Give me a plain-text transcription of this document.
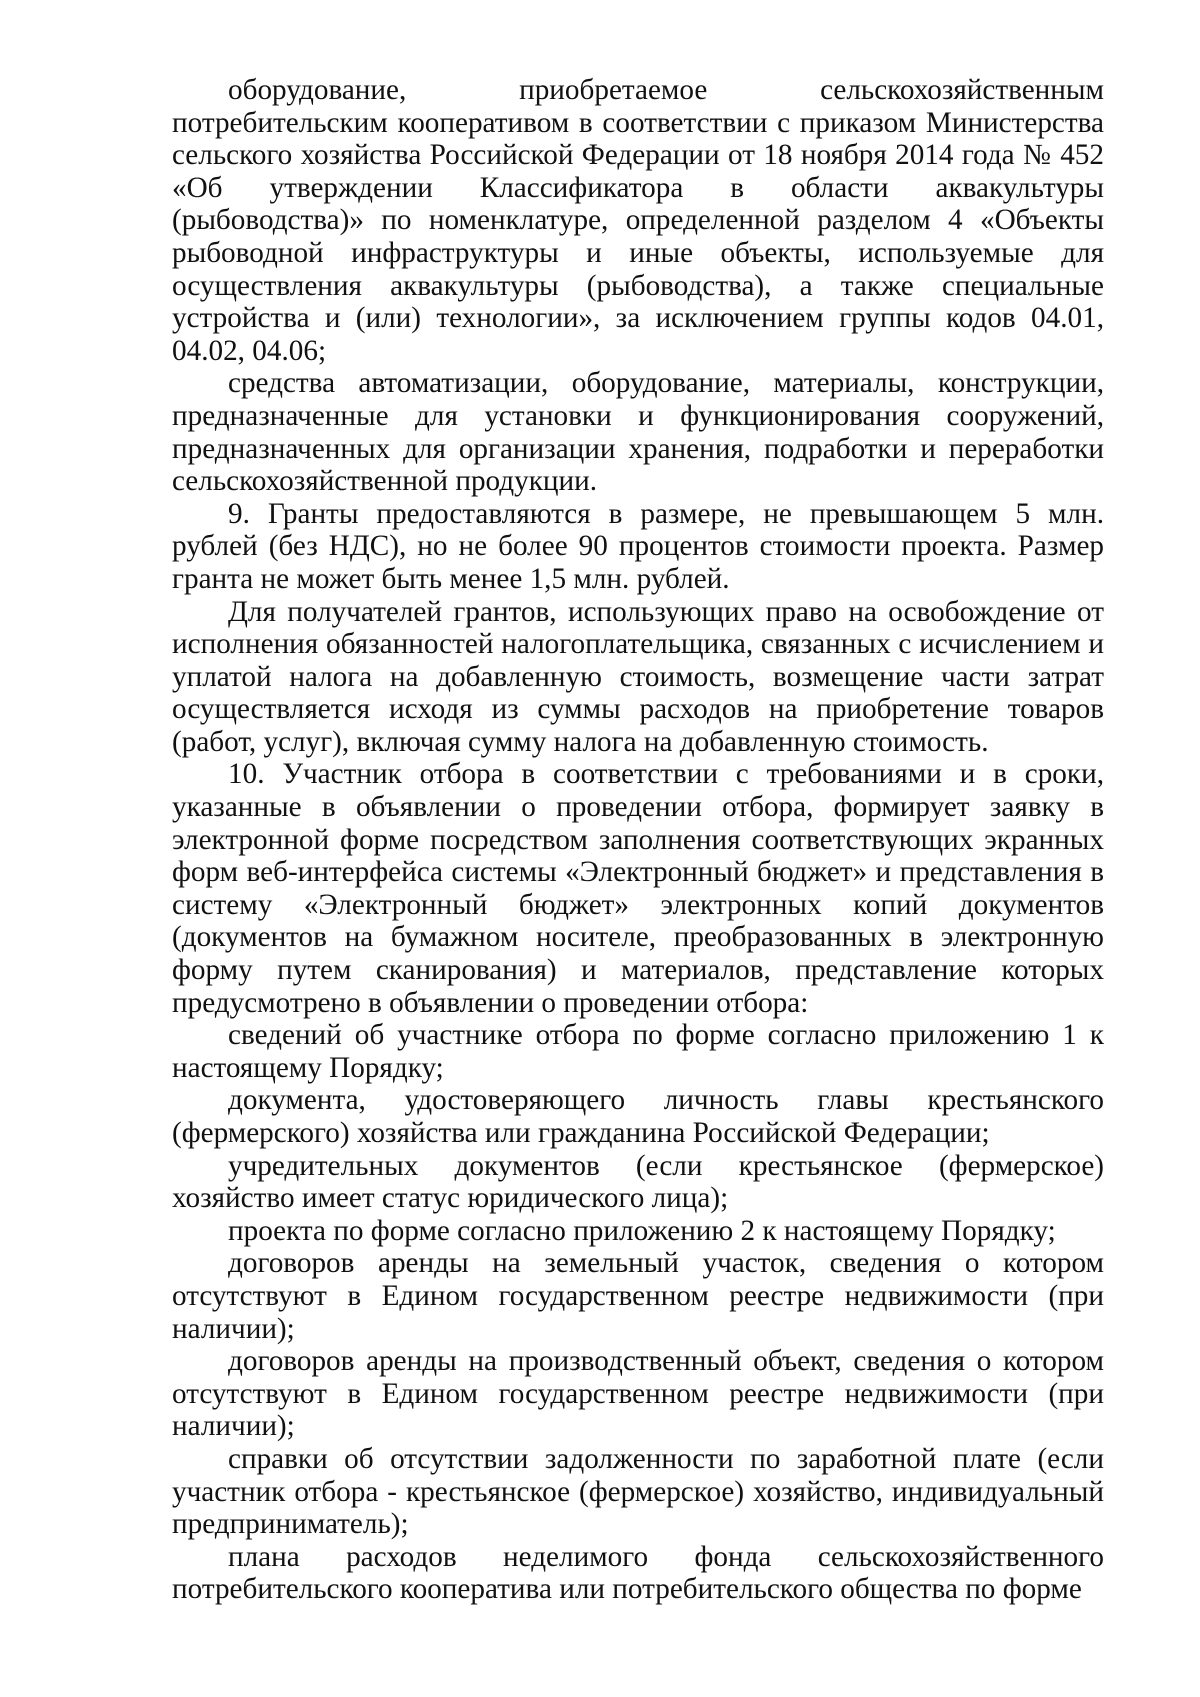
оборудование, приобретаемое сельскохозяйственным потребительским кооперативом в соответствии с приказом Министерства сельского хозяйства Российской Федерации от 18 ноября 2014 года № 452 «Об утверждении Классификатора в области аквакультуры (рыбоводства)» по номенклатуре, определенной разделом 4 «Объекты рыбоводной инфраструктуры и иные объекты, используемые для осуществления аквакультуры (рыбоводства), а также специальные устройства и (или) технологии», за исключением группы кодов 04.01, 04.02, 04.06;

средства автоматизации, оборудование, материалы, конструкции, предназначенные для установки и функционирования сооружений, предназначенных для организации хранения, подработки и переработки сельскохозяйственной продукции.

9. Гранты предоставляются в размере, не превышающем 5 млн. рублей (без НДС), но не более 90 процентов стоимости проекта. Размер гранта не может быть менее 1,5 млн. рублей.

Для получателей грантов, использующих право на освобождение от исполнения обязанностей налогоплательщика, связанных с исчислением и уплатой налога на добавленную стоимость, возмещение части затрат осуществляется исходя из суммы расходов на приобретение товаров (работ, услуг), включая сумму налога на добавленную стоимость.

10. Участник отбора в соответствии с требованиями и в сроки, указанные в объявлении о проведении отбора, формирует заявку в электронной форме посредством заполнения соответствующих экранных форм веб-интерфейса системы «Электронный бюджет» и представления в систему «Электронный бюджет» электронных копий документов (документов на бумажном носителе, преобразованных в электронную форму путем сканирования) и материалов, представление которых предусмотрено в объявлении о проведении отбора:

сведений об участнике отбора по форме согласно приложению 1 к настоящему Порядку;

документа, удостоверяющего личность главы крестьянского (фермерского) хозяйства или гражданина Российской Федерации;

учредительных документов (если крестьянское (фермерское) хозяйство имеет статус юридического лица);

проекта по форме согласно приложению 2 к настоящему Порядку;

договоров аренды на земельный участок, сведения о котором отсутствуют в Едином государственном реестре недвижимости (при наличии);

договоров аренды на производственный объект, сведения о котором отсутствуют в Едином государственном реестре недвижимости (при наличии);

справки об отсутствии задолженности по заработной плате (если участник отбора - крестьянское (фермерское) хозяйство, индивидуальный предприниматель);

плана расходов неделимого фонда сельскохозяйственного потребительского кооператива или потребительского общества по форме
